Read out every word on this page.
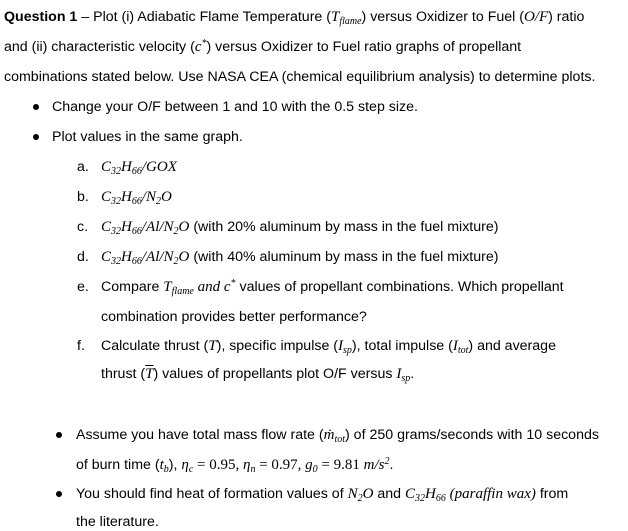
Question 1 – Plot (i) Adiabatic Flame Temperature $(T_{flame})$ versus Oxidizer to Fuel (O/F) ratio
and (ii) characteristic velocity (c*) versus Oxidizer to Fuel ratio graphs of propellant
combinations stated below. Use NASA CEA (chemical equilibrium analysis) to determine plots.
Change your O/F between 1 and 10 with the 0.5 step size.
Plot values in the same graph.
a. $C_{32}H_{66}$/GOX
b. $C_{32}H_{66}/N_2O$
c. $C_{32}H_{66}/Al/N_2O$ (with 20% aluminum by mass in the fuel mixture)
d. $C_{32}H_{66}/Al/N_2O$ (with 40% aluminum by mass in the fuel mixture)
e. Compare $T_{flame}$ and c* values of propellant combinations. Which propellant
combination provides better performance?
f. Calculate thrust (T), specific impulse $(I_{sp})$, total impulse $(I_{tot})$ and average
thrust $(\overline{T})$ values of propellants plot O/F versus $I_{sp}$.
Assume you have total mass flow rate (ṁ$_{tot}$) of 250 grams/seconds with 10 seconds
of burn time $(t_b)$, $\eta_c = 0.95$, $\eta_n = 0.97$, $g_0 = 9.81$ $m/s^2$.
You should find heat of formation values of $N_2O$ and $C_{32}H_{66}$ (paraffin wax) from
the literature.
